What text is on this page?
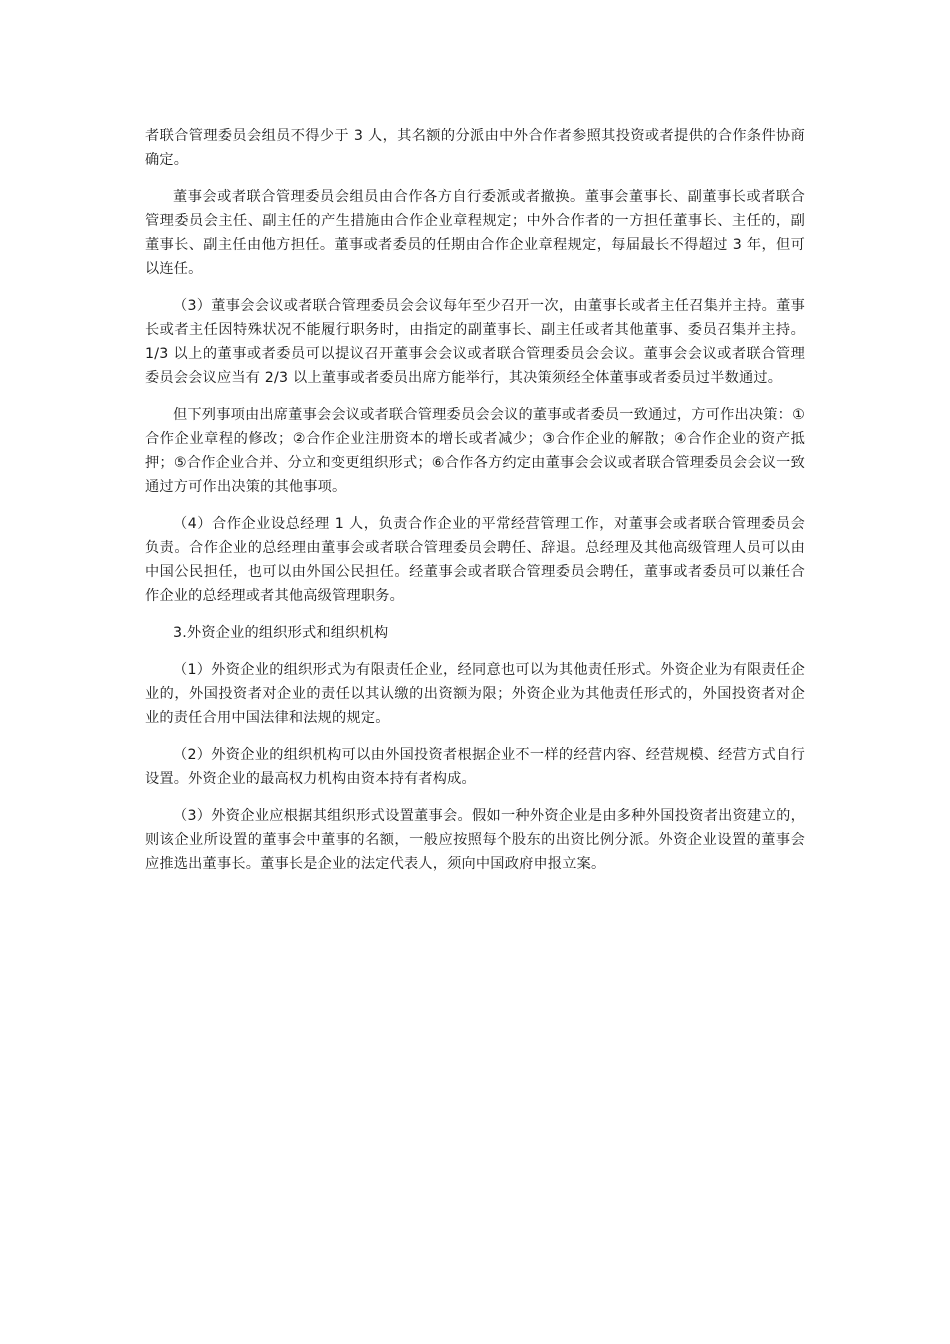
者联合管理委员会组员不得少于 3 人，其名额的分派由中外合作者参照其投资或者提供的合作条件协商确定。

董事会或者联合管理委员会组员由合作各方自行委派或者撤换。董事会董事长、副董事长或者联合管理委员会主任、副主任的产生措施由合作企业章程规定；中外合作者的一方担任董事长、主任的，副董事长、副主任由他方担任。董事或者委员的任期由合作企业章程规定，每届最长不得超过 3 年，但可以连任。

（3）董事会会议或者联合管理委员会会议每年至少召开一次，由董事长或者主任召集并主持。董事长或者主任因特殊状况不能履行职务时，由指定的副董事长、副主任或者其他董事、委员召集并主持。1/3 以上的董事或者委员可以提议召开董事会会议或者联合管理委员会会议。董事会会议或者联合管理委员会会议应当有 2/3 以上董事或者委员出席方能举行，其决策须经全体董事或者委员过半数通过。

但下列事项由出席董事会会议或者联合管理委员会会议的董事或者委员一致通过，方可作出决策：①合作企业章程的修改；②合作企业注册资本的增长或者减少；③合作企业的解散；④合作企业的资产抵押；⑤合作企业合并、分立和变更组织形式；⑥合作各方约定由董事会会议或者联合管理委员会会议一致通过方可作出决策的其他事项。

（4）合作企业设总经理 1 人，负责合作企业的平常经营管理工作，对董事会或者联合管理委员会负责。合作企业的总经理由董事会或者联合管理委员会聘任、辞退。总经理及其他高级管理人员可以由中国公民担任，也可以由外国公民担任。经董事会或者联合管理委员会聘任，董事或者委员可以兼任合作企业的总经理或者其他高级管理职务。

3.外资企业的组织形式和组织机构

（1）外资企业的组织形式为有限责任企业，经同意也可以为其他责任形式。外资企业为有限责任企业的，外国投资者对企业的责任以其认缴的出资额为限；外资企业为其他责任形式的，外国投资者对企业的责任合用中国法律和法规的规定。

（2）外资企业的组织机构可以由外国投资者根据企业不一样的经营内容、经营规模、经营方式自行设置。外资企业的最高权力机构由资本持有者构成。

（3）外资企业应根据其组织形式设置董事会。假如一种外资企业是由多种外国投资者出资建立的，则该企业所设置的董事会中董事的名额，一般应按照每个股东的出资比例分派。外资企业设置的董事会应推选出董事长。董事长是企业的法定代表人，须向中国政府申报立案。
